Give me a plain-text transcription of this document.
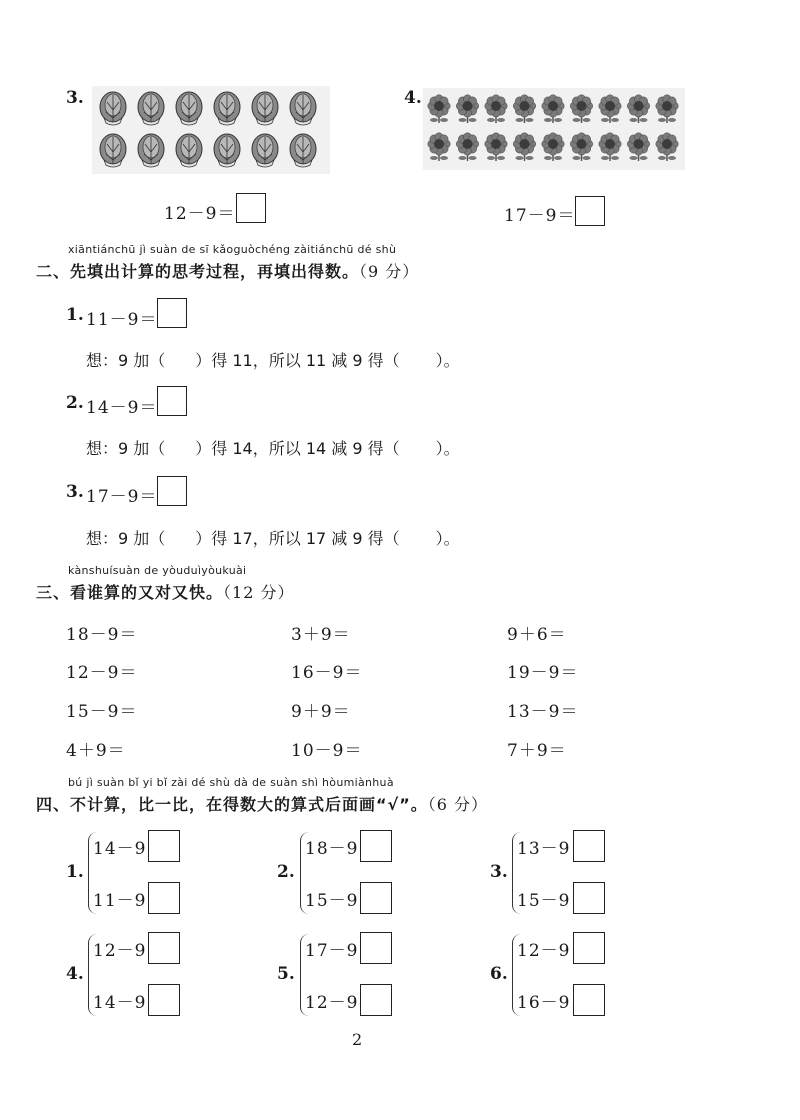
3.	4.
12－9＝	17－9＝
xiāntiánchū jì suàn de sī kǎoguòchéng zàitiánchū dé shù
二、先填出计算的思考过程，再填出得数。（9 分）
1. 11－9＝
想：9 加（ ）得 11，所以 11 减 9 得（ ）。
2. 14－9＝
想：9 加（ ）得 14，所以 14 减 9 得（ ）。
3. 17－9＝
想：9 加（ ）得 17，所以 17 减 9 得（ ）。
kànshuísuàn de yòuduìyòukuài
三、看谁算的又对又快。（12 分）
18－9＝	3＋9＝	9＋6＝
12－9＝	16－9＝	19－9＝
15－9＝	9＋9＝	13－9＝
4＋9＝	10－9＝	7＋9＝
bú jì suàn bǐ yi bǐ zài dé shù dà de suàn shì hòumiànhuà
四、不计算，比一比，在得数大的算式后面画“√”。（6 分）
1.
14－9
11－9
2.
18－9
15－9
3.
13－9
15－9
4.
12－9
14－9
5.
17－9
12－9
6.
12－9
16－9
2
